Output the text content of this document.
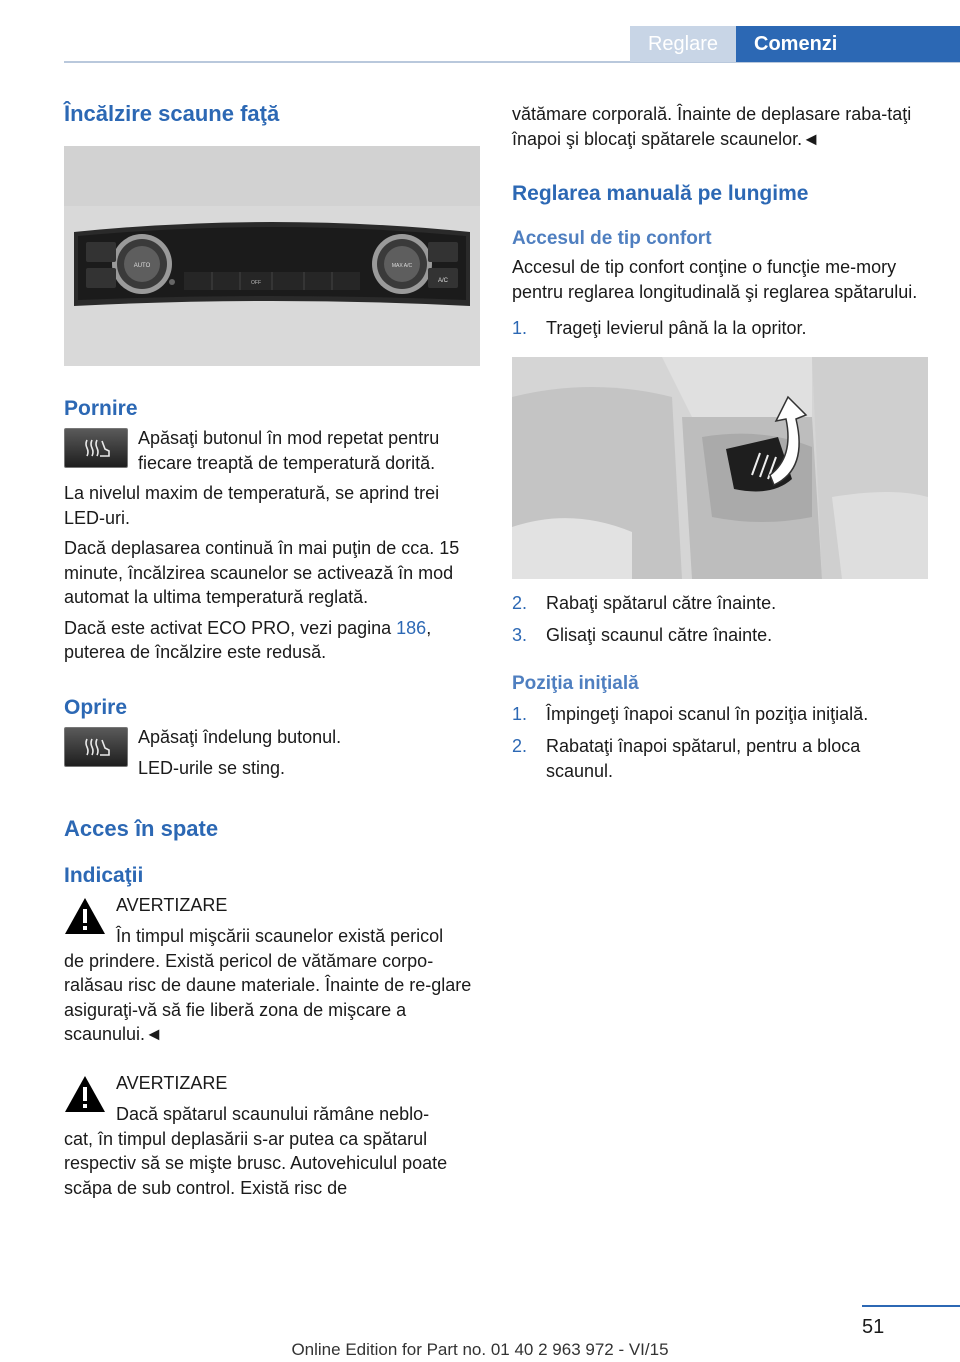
Reglare	Comenzi
Încălzire scaune faţă
AUTO	MAX A/C
A/C
OFF
Pornire

Apăsaţi butonul în mod repetat pentru fiecare treaptă de temperatură dorită.

La nivelul maxim de temperatură, se aprind trei LED-uri.

Dacă deplasarea continuă în mai puţin de cca. 15 minute, încălzirea scaunelor se activează în mod automat la ultima temperatură reglată.

Dacă este activat ECO PRO, vezi pagina 186, puterea de încălzire este redusă.

Oprire

Apăsaţi îndelung butonul.

LED-urile se sting.

Acces în spate
Indicaţii

AVERTIZARE

În timpul mişcării scaunelor există pericol

de prindere. Există pericol de vătămare corpo-ralăsau risc de daune materiale. Înainte de re-glare asiguraţi-vă să fie liberă zona de mişcare a scaunului.◄

AVERTIZARE

Dacă spătarul scaunului rămâne neblo-

cat, în timpul deplasării s-ar putea ca spătarul respectiv să se mişte brusc. Autovehiculul poate scăpa de sub control. Există risc de

vătămare corporală. Înainte de deplasare raba-taţi înapoi şi blocaţi spătarele scaunelor.◄

Reglarea manuală pe lungime
Accesul de tip confort

Accesul de tip confort conţine o funcţie me-mory pentru reglarea longitudinală şi reglarea spătarului.

1.	Trageţi levierul până la la opritor.
2.	Rabaţi spătarul către înainte.
3.	Glisaţi scaunul către înainte.
Poziţia iniţială
1.	Împingeţi înapoi scanul în poziţia iniţială.
2.	Rabataţi înapoi spătarul, pentru a bloca scaunul.
51
Online Edition for Part no. 01 40 2 963 972 - VI/15
